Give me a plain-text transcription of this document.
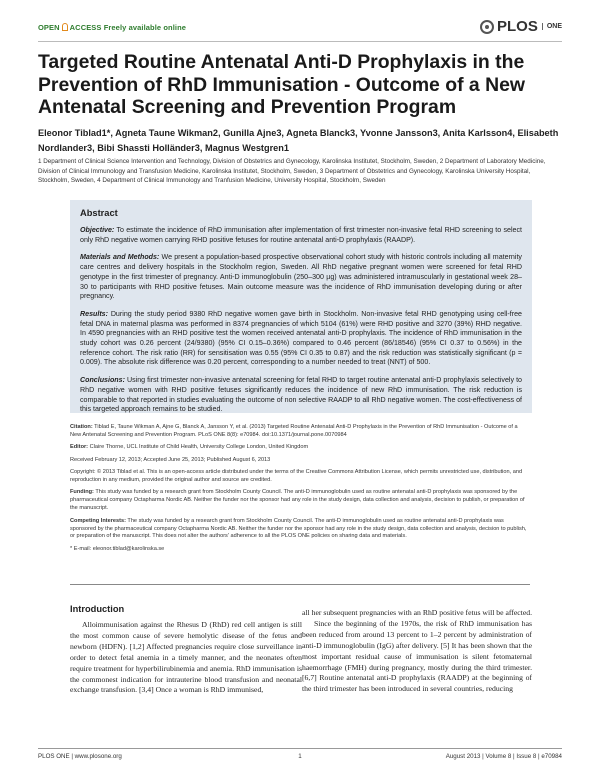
OPEN ACCESS Freely available online	PLOS	ONE
Targeted Routine Antenatal Anti-D Prophylaxis in the Prevention of RhD Immunisation - Outcome of a New Antenatal Screening and Prevention Program

Eleonor Tiblad1*, Agneta Taune Wikman2, Gunilla Ajne3, Agneta Blanck3, Yvonne Jansson3, Anita Karlsson4, Elisabeth Nordlander3, Bibi Shassti Holländer3, Magnus Westgren1

1 Department of Clinical Science Intervention and Technology, Division of Obstetrics and Gynecology, Karolinska Institutet, Stockholm, Sweden, 2 Department of Laboratory Medicine, Division of Clinical Immunology and Transfusion Medicine, Karolinska Institutet, Stockholm, Sweden, 3 Department of Obstetrics and Gynecology, Karolinska University Hospital, Stockholm, Sweden, 4 Department of Clinical Immunology and Tranfusion Medicine, University Hospital, Stockholm, Sweden

Abstract

Objective: To estimate the incidence of RhD immunisation after implementation of first trimester non-invasive fetal RHD screening to select only RhD negative women carrying RHD positive fetuses for routine antenatal anti-D prophylaxis (RAADP).

Materials and Methods: We present a population-based prospective observational cohort study with historic controls including all maternity care centres and delivery hospitals in the Stockholm region, Sweden. All RhD negative pregnant women were screened for fetal RHD genotype in the first trimester of pregnancy. Anti-D immunoglobulin (250–300 µg) was administered intramuscularly in gestational week 28–30 to participants with RHD positive fetuses. Main outcome measure was the incidence of RhD immunisation developing during or after pregnancy.

Results: During the study period 9380 RhD negative women gave birth in Stockholm. Non-invasive fetal RHD genotyping using cell-free fetal DNA in maternal plasma was performed in 8374 pregnancies of which 5104 (61%) were RHD positive and 3270 (39%) RHD negative. In 4590 pregnancies with an RHD positive test the women received antenatal anti-D prophylaxis. The incidence of RhD immunisation in the study cohort was 0.26 percent (24/9380) (95% CI 0.15–0.36%) compared to 0.46 percent (86/18546) (95% CI 0.37 to 0.56%) in the reference cohort. The risk ratio (RR) for sensitisation was 0.55 (95% CI 0.35 to 0.87) and the risk reduction was statistically significant (p = 0.009). The absolute risk difference was 0.20 percent, corresponding to a number needed to treat (NNT) of 500.

Conclusions: Using first trimester non-invasive antenatal screening for fetal RHD to target routine antenatal anti-D prophylaxis selectively to RhD negative women with RHD positive fetuses significantly reduces the incidence of new RhD immunisation. The risk reduction is comparable to that reported in studies evaluating the outcome of non selective RAADP to all RhD negative women. The cost-effectiveness of this targeted approach remains to be studied.

Citation: Tiblad E, Taune Wikman A, Ajne G, Blanck A, Jansson Y, et al. (2013) Targeted Routine Antenatal Anti-D Prophylaxis in the Prevention of RhD Immunisation - Outcome of a New Antenatal Screening and Prevention Program. PLoS ONE 8(8): e70984. doi:10.1371/journal.pone.0070984

Editor: Claire Thorne, UCL Institute of Child Health, University College London, United Kingdom

Received February 12, 2013; Accepted June 25, 2013; Published August 6, 2013

Copyright: © 2013 Tiblad et al. This is an open-access article distributed under the terms of the Creative Commons Attribution License, which permits unrestricted use, distribution, and reproduction in any medium, provided the original author and source are credited.

Funding: This study was funded by a research grant from Stockholm County Council. The anti-D immunoglobulin used as routine antenatal anti-D prophylaxis was sponsored by the pharmaceutical company Octapharma Nordic AB. Neither the funder nor the sponsor had any role in the study design, data collection and analysis, decision to publish, or preparation of the manuscript.

Competing Interests: The study was funded by a research grant from Stockholm County Council. The anti-D immunoglobulin used as routine antenatal anti-D prophylaxis was sponsored by the pharmaceutical company Octapharma Nordic AB. Neither the funder nor the sponsor had any role in the study design, data collection and analysis, decision to publish, or preparation of the manuscript. This does not alter the authors' adherence to all the PLOS ONE policies on sharing data and materials.

* E-mail: eleonor.tiblad@karolinska.se

Introduction

Alloimmunisation against the Rhesus D (RhD) red cell antigen is still the most common cause of severe hemolytic disease of the fetus and newborn (HDFN). [1,2] Affected pregnancies require close surveillance in order to detect fetal anemia in a timely manner, and the neonates often require treatment for hyperbilirubinemia and anemia. RhD immunisation is the commonest indication for intrauterine blood transfusion and neonatal exchange transfusion. [3,4] Once a woman is RhD immunised,

all her subsequent pregnancies with an RhD positive fetus will be affected.

Since the beginning of the 1970s, the risk of RhD immunisation has been reduced from around 13 percent to 1–2 percent by administration of anti-D immunoglobulin (IgG) after delivery. [5] It has been shown that the most important residual cause of immunisation is silent fetomaternal haemorrhage (FMH) during pregnancy, mostly during the third trimester. [6,7] Routine antenatal anti-D prophylaxis (RAADP) at the beginning of the third trimester has been introduced in several countries, reducing

PLOS ONE | www.plosone.org	1	August 2013 | Volume 8 | Issue 8 | e70984
